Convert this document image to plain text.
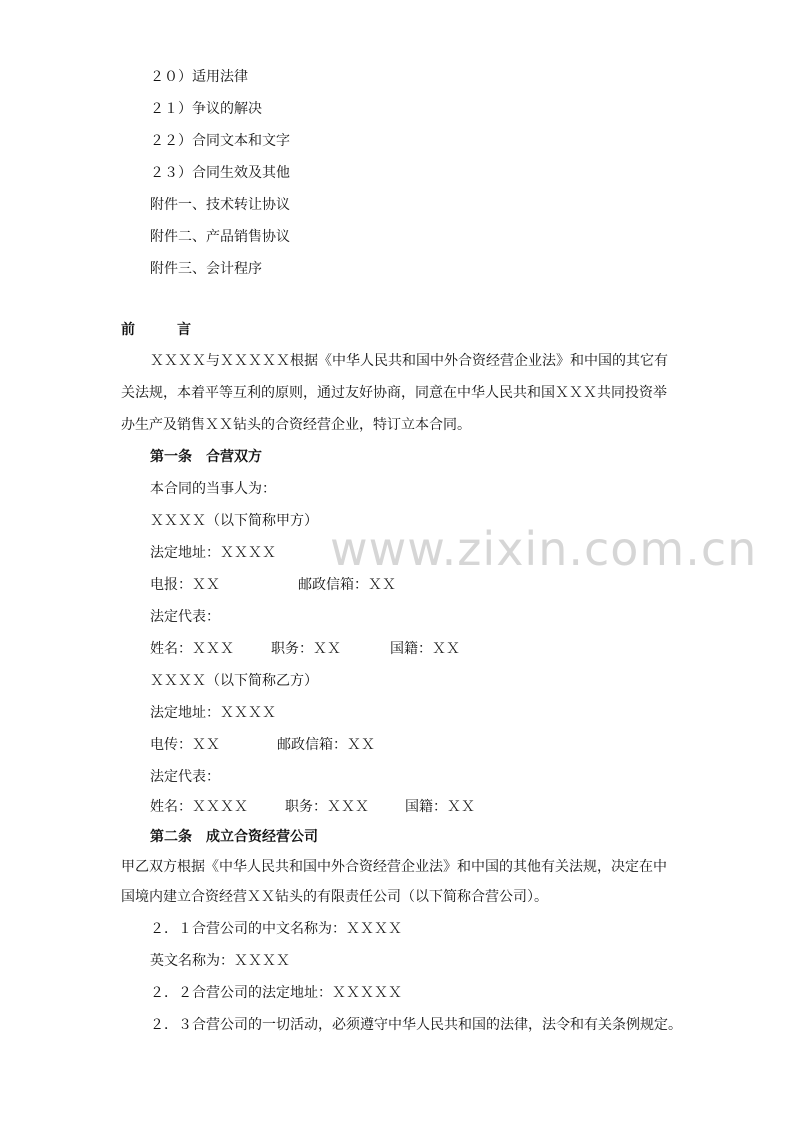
www.zixin.com.cn
２０）适用法律
２１）争议的解决
２２）合同文本和文字
２３）合同生效及其他
附件一、技术转让协议
附件二、产品销售协议
附件三、会计程序
前	言
ＸＸＸＸ与ＸＸＸＸＸ根据《中华人民共和国中外合资经营企业法》和中国的其它有
关法规，本着平等互利的原则，通过友好协商，同意在中华人民共和国ＸＸＸ共同投资举
办生产及销售ＸＸ钻头的合资经营企业，特订立本合同。
第一条　合营双方
本合同的当事人为：
ＸＸＸＸ（以下简称甲方）
法定地址：ＸＸＸＸ
电报：ＸＸ	邮政信箱：ＸＸ
法定代表：
姓名：ＸＸＸ	职务：ＸＸ	国籍：ＸＸ
ＸＸＸＸ（以下简称乙方）
法定地址：ＸＸＸＸ
电传：ＸＸ	邮政信箱：ＸＸ
法定代表：
姓名：ＸＸＸＸ	职务：ＸＸＸ	国籍：ＸＸ
第二条　成立合资经营公司
甲乙双方根据《中华人民共和国中外合资经营企业法》和中国的其他有关法规，决定在中
国境内建立合资经营ＸＸ钻头的有限责任公司（以下简称合营公司）。
２．１合营公司的中文名称为：ＸＸＸＸ
英文名称为：ＸＸＸＸ
２．２合营公司的法定地址：ＸＸＸＸＸ
２．３合营公司的一切活动，必须遵守中华人民共和国的法律，法令和有关条例规定。
